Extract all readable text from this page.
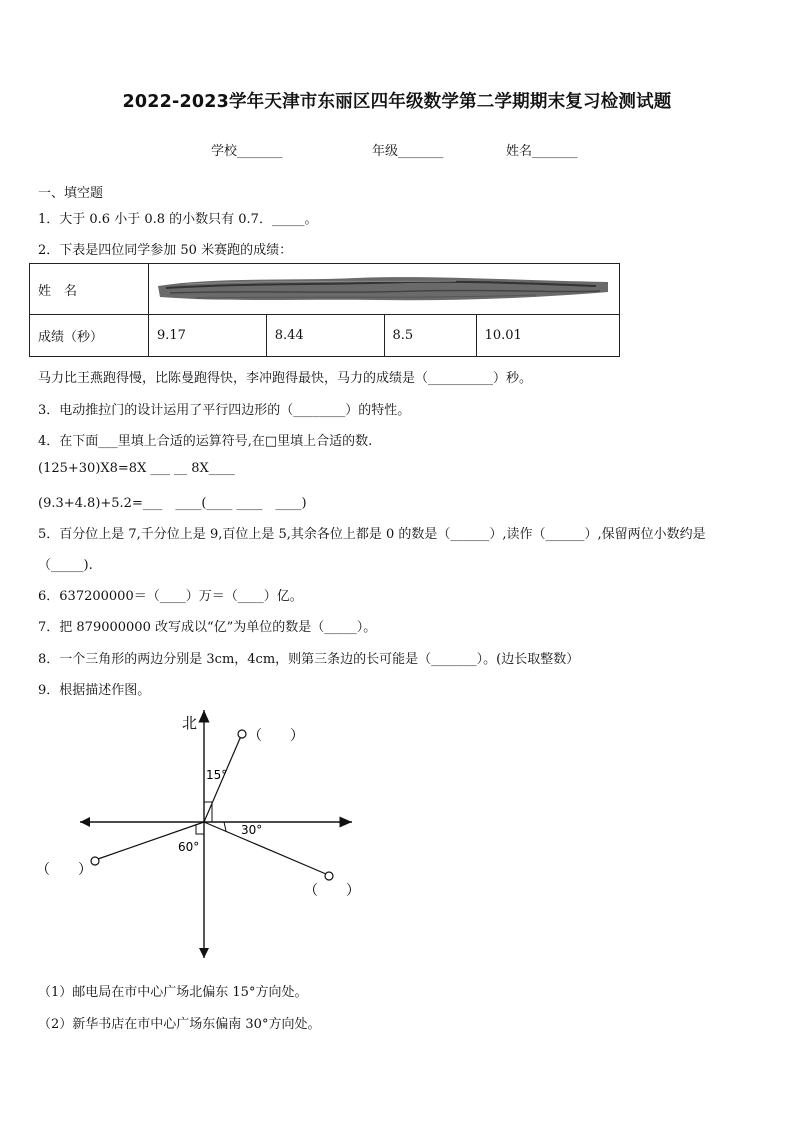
2022-2023学年天津市东丽区四年级数学第二学期期末复习检测试题
学校_______	年级_______	姓名_______
一、填空题
1．大于 0.6 小于 0.8 的小数只有 0.7．_____。
2．下表是四位同学参加 50 米赛跑的成绩：
姓　名				
成绩（秒）	9.17	8.44	8.5	10.01
马力比王燕跑得慢，比陈曼跑得快，李冲跑得最快，马力的成绩是（__________）秒。
3．电动推拉门的设计运用了平行四边形的（________）的特性。
4．在下面___里填上合适的运算符号,在□里填上合适的数.
(125+30)X8=8X ___ __ 8X____
(9.3+4.8)+5.2=___　____(____ ____　____)
5．百分位上是 7,千分位上是 9,百位上是 5,其余各位上都是 0 的数是（______）,读作（______）,保留两位小数约是
（_____).
6．637200000＝（____）万＝（____）亿。
7．把 879000000 改写成以“亿”为单位的数是（_____）。
8．一个三角形的两边分别是 3cm，4cm，则第三条边的长可能是（_______）。(边长取整数）
9．根据描述作图。
北
15°
30°
60°
（　　）
（　　）
（　　）
（1）邮电局在市中心广场北偏东 15°方向处。
（2）新华书店在市中心广场东偏南 30°方向处。
